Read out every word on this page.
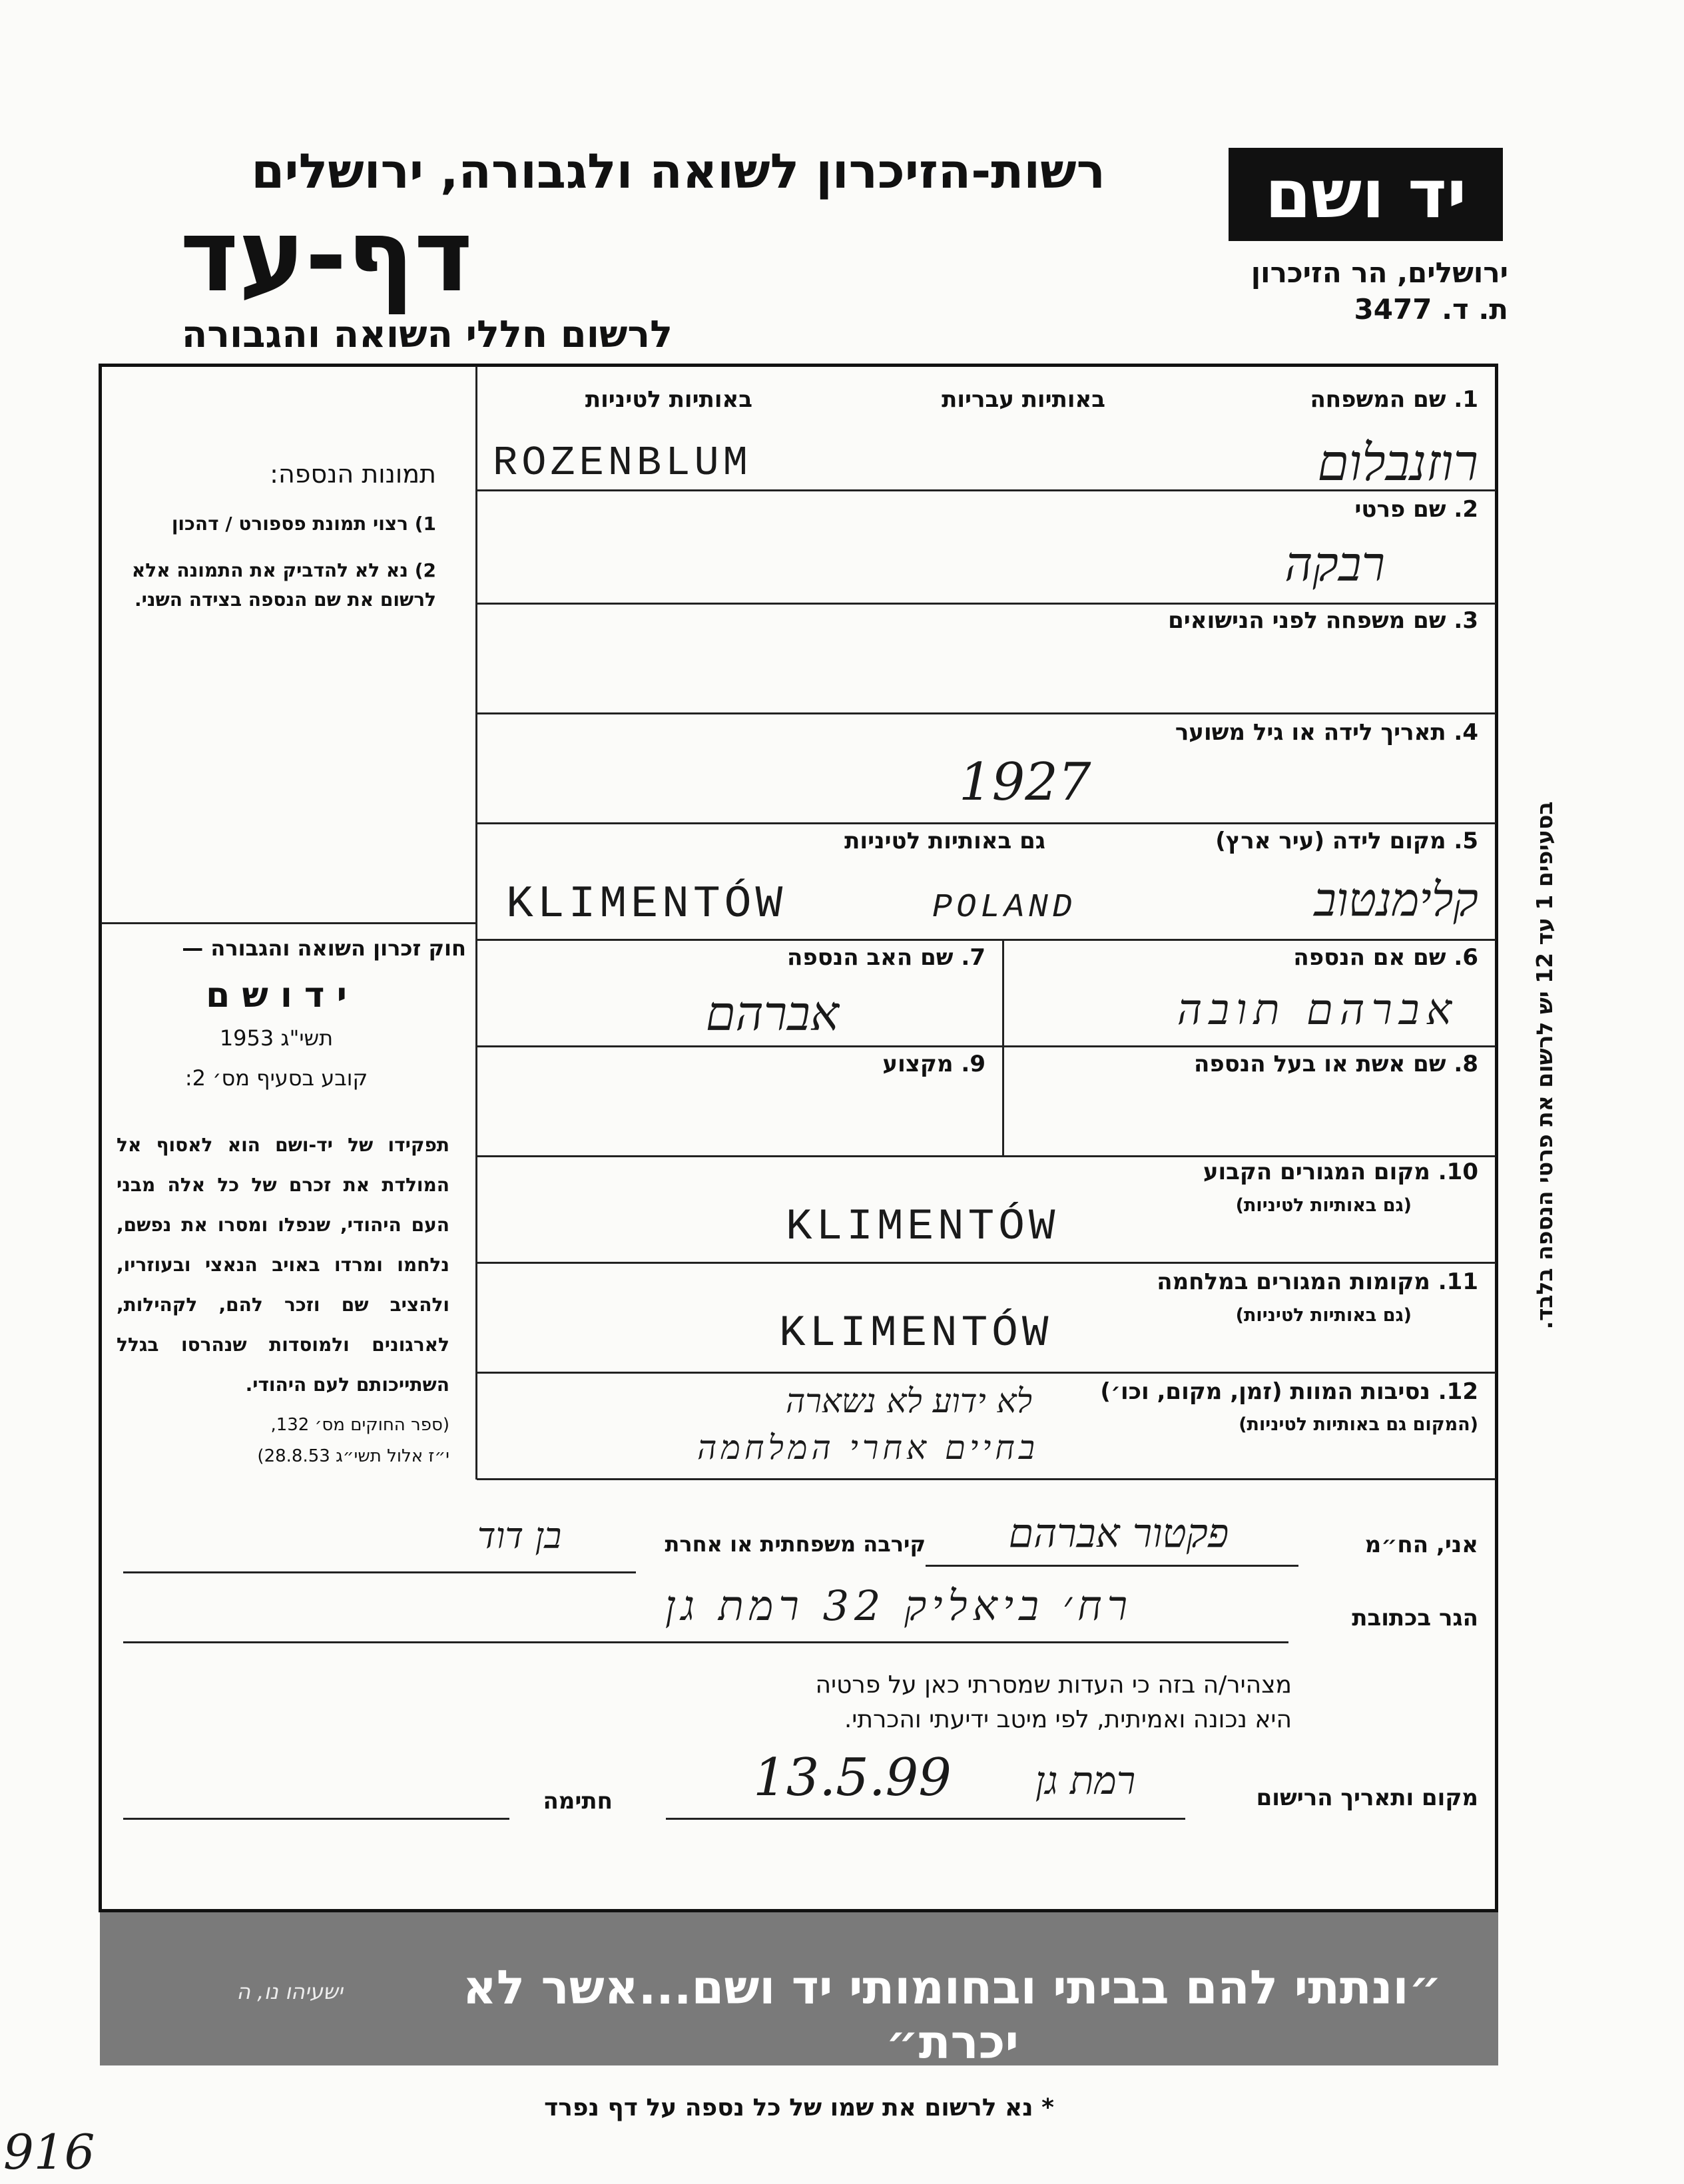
רשות-הזיכרון לשואה ולגבורה, ירושלים
דף-עד
לרשום חללי השואה והגבורה
יד ושם
ירושלים, הר הזיכרון
ת. ד. 3477
תמונות הנספה:
1) רצוי תמונת פספורט / דהכון
2) נא לא להדביק את התמונה אלא לרשום את שם הנספה בצידה השני.
חוק זכרון השואה והגבורה —
י ד ו ש ם
תשי"ג 1953
קובע בסעיף מס׳ 2:
תפקידו של יד-ושם הוא לאסוף אל המולדת את זכרם של כל אלה מבני העם היהודי, שנפלו ומסרו את נפשם, נלחמו ומרדו באויב הנאצי ובעוזריו, ולהציב שם וזכר להם, לקהילות, לארגונים ולמוסדות שנהרסו בגלל השתייכותם לעם היהודי.
(ספר החוקים מס׳ 132,
י״ז אלול תשי״ג 28.8.53)
1. שם המשפחה
באותיות עבריות
באותיות לטיניות
רוזנבלום
ROZENBLUM
2. שם פרטי
רבקה
3. שם משפחה לפני הנישואים
4. תאריך לידה או גיל משוער
1927
5. מקום לידה (עיר ארץ)
גם באותיות לטיניות
קלימנטוב
KLIMENTÓW	POLAND
6. שם אם הנספה
אברהם תובה
7. שם האב הנספה
אברהם
8. שם אשת או בעל הנספה
9. מקצוע
10. מקום המגורים הקבוע
(גם באותיות לטיניות)
KLIMENTÓW
11. מקומות המגורים במלחמה
(גם באותיות לטיניות)
KLIMENTÓW
12. נסיבות המוות (זמן, מקום, וכו׳)
(המקום גם באותיות לטיניות)
לא ידוע לא נשארה
בחיים אחרי המלחמה
בסעיפים 1 עד 12 יש לרשום את פרטי הנספה בלבד.
אני, הח״מ
פקטור אברהם
קירבה משפחתית או אחרת
בן דוד
הגר בכתובת
רח׳ ביאליק 32 רמת גן
מצהיר/ה בזה כי העדות שמסרתי כאן על פרטיה
היא נכונה ואמיתית, לפי מיטב ידיעתי והכרתי.
מקום ותאריך הרישום
רמת גן
13.5.99
חתימה
״ונתתי להם בביתי ובחומותי יד ושם...אשר לא יכרת״
ישעיהו נו, ה
* נא לרשום את שמו של כל נספה על דף נפרד
916
